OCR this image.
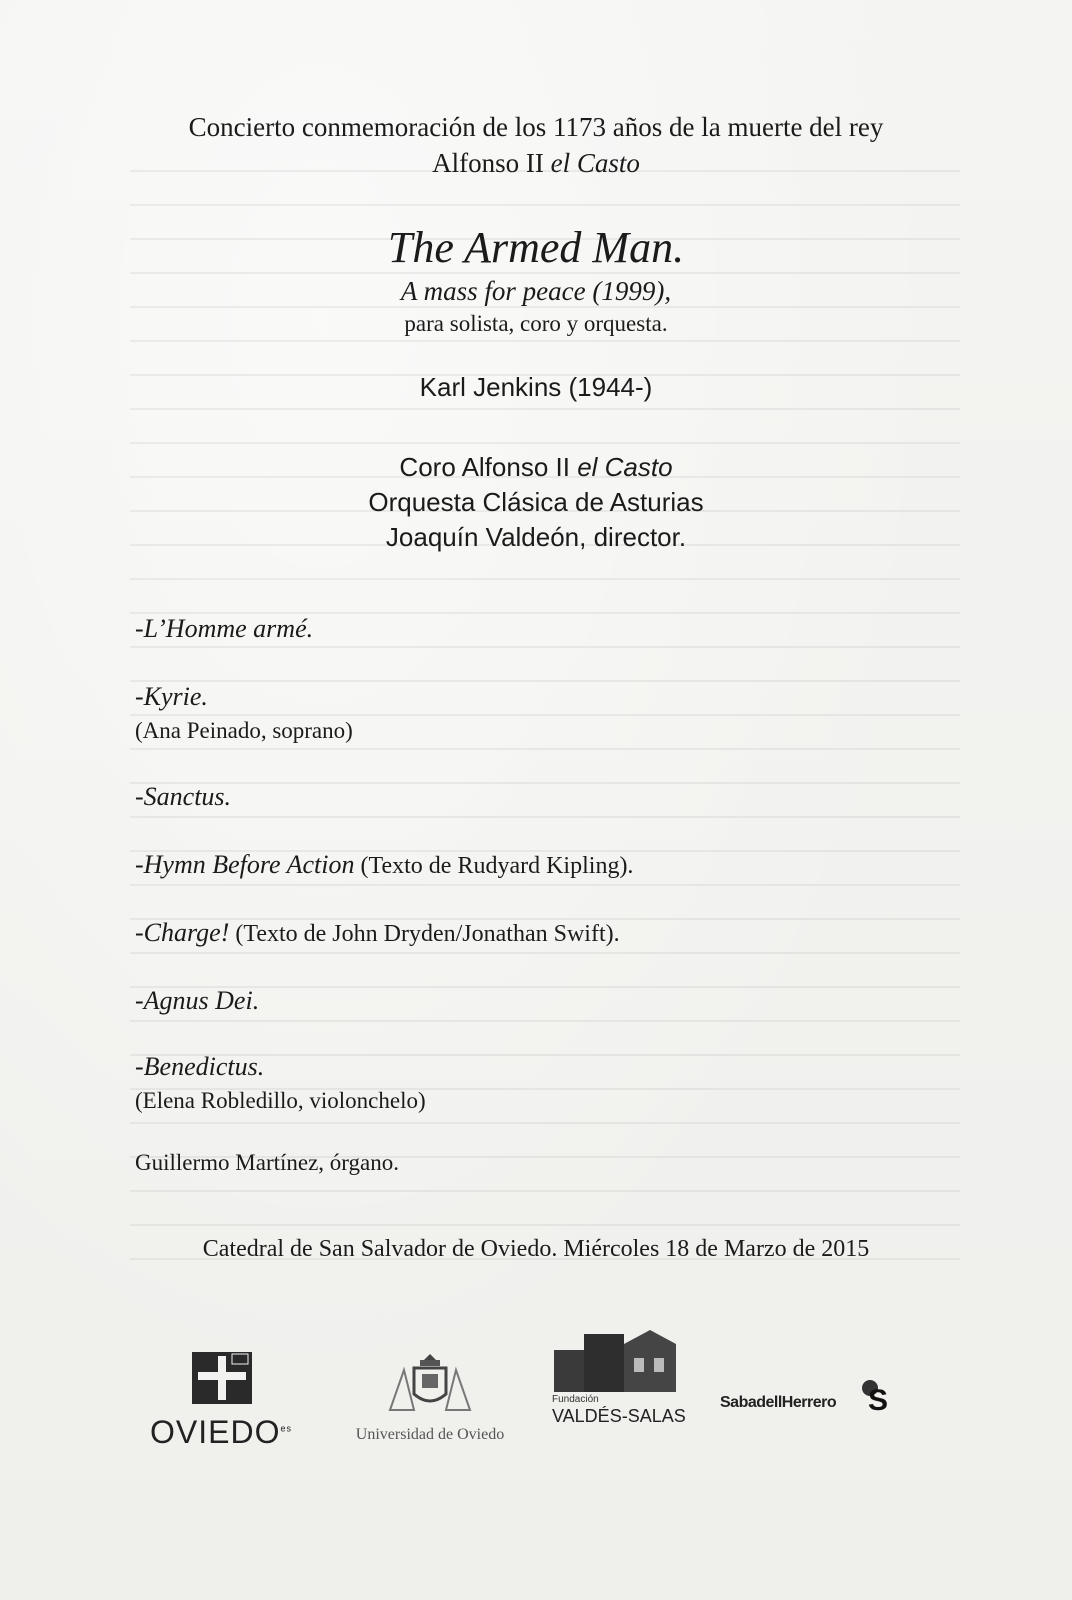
Concierto conmemoración de los 1173 años de la muerte del rey
Alfonso II el Casto
The Armed Man.
A mass for peace (1999),
para solista, coro y orquesta.
Karl Jenkins (1944-)
Coro Alfonso II el Casto
Orquesta Clásica de Asturias
Joaquín Valdeón, director.
-L’Homme armé.
-Kyrie.
(Ana Peinado, soprano)
-Sanctus.
-Hymn Before Action (Texto de Rudyard Kipling).
-Charge! (Texto de John Dryden/Jonathan Swift).
-Agnus Dei.
-Benedictus.
(Elena Robledillo, violonchelo)
Guillermo Martínez, órgano.
Catedral de San Salvador de Oviedo. Miércoles 18 de Marzo de 2015
$OVIEDO^{es}$	Universidad de Oviedo
Fundación
VALDÉS-SALAS
SabadellHerrero S
